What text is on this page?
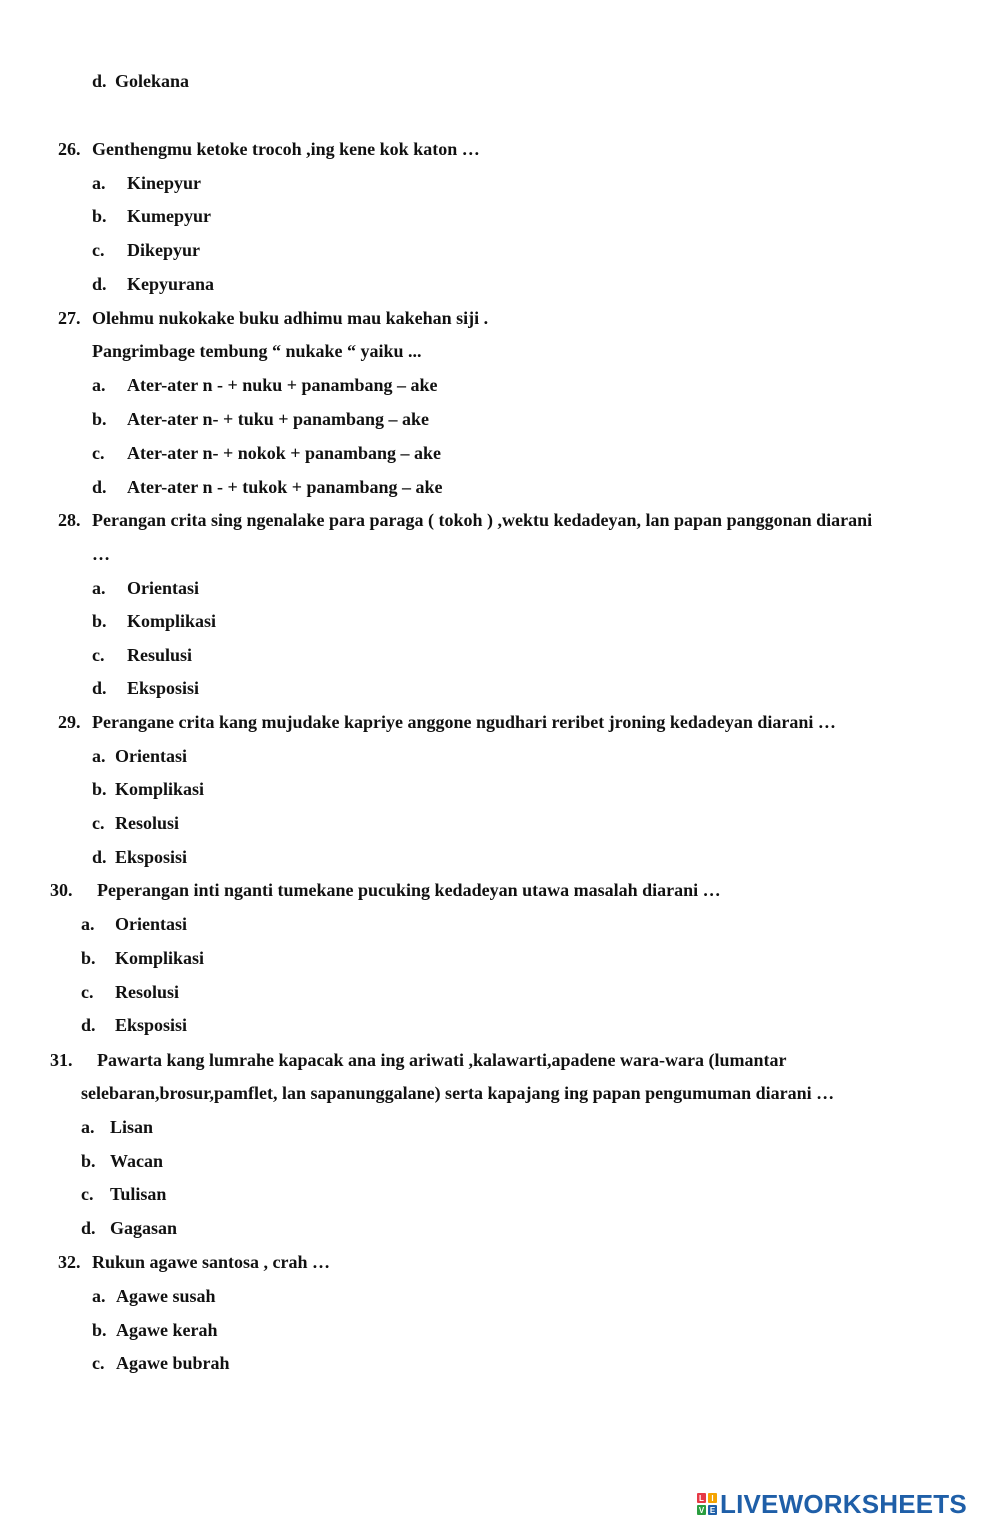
d. Golekana
26. Genthengmu ketoke trocoh ,ing kene kok katon …
a. Kinepyur
b. Kumepyur
c. Dikepyur
d. Kepyurana
27. Olehmu nukokake buku adhimu mau kakehan siji .
Pangrimbage tembung “ nukake “ yaiku ...
a. Ater-ater n - + nuku + panambang – ake
b. Ater-ater n- + tuku + panambang – ake
c. Ater-ater n- + nokok + panambang – ake
d. Ater-ater n - + tukok + panambang – ake
28. Perangan crita sing ngenalake para paraga ( tokoh ) ,wektu kedadeyan, lan papan panggonan diarani
…
a. Orientasi
b. Komplikasi
c. Resulusi
d. Eksposisi
29. Perangane crita kang mujudake kapriye anggone ngudhari reribet jroning kedadeyan diarani …
a. Orientasi
b. Komplikasi
c. Resolusi
d. Eksposisi
30. Peperangan inti nganti tumekane pucuking kedadeyan utawa masalah diarani …
a. Orientasi
b. Komplikasi
c. Resolusi
d. Eksposisi
31. Pawarta kang lumrahe kapacak ana ing ariwati ,kalawarti,apadene wara-wara (lumantar
selebaran,brosur,pamflet, lan sapanunggalane) serta kapajang ing papan pengumuman diarani …
a. Lisan
b. Wacan
c. Tulisan
d. Gagasan
32. Rukun agawe santosa , crah …
a. Agawe susah
b. Agawe kerah
c. Agawe bubrah
L I
V E LIVEWORKSHEETS
